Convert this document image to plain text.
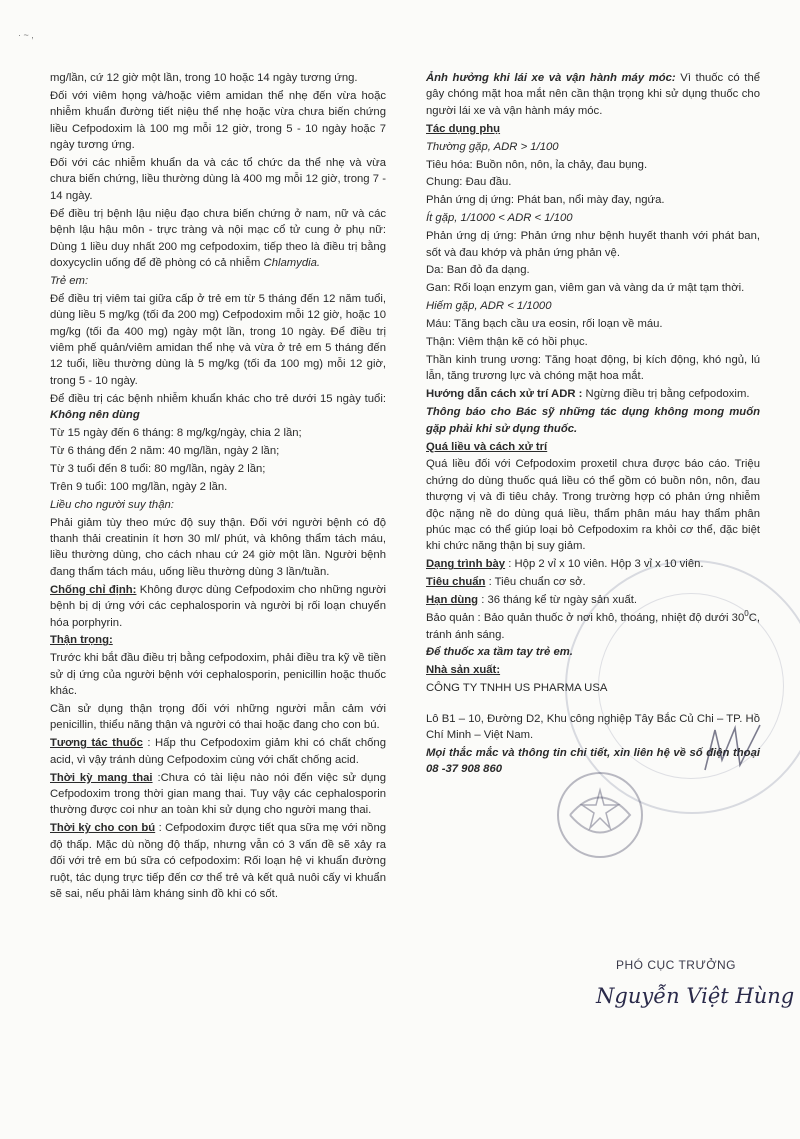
· ~ ,

mg/lần, cứ 12 giờ một lần, trong 10 hoặc 14 ngày tương ứng.

Đối với viêm họng và/hoặc viêm amidan thể nhẹ đến vừa hoặc nhiễm khuẩn đường tiết niệu thể nhẹ hoặc vừa chưa biến chứng liều Cefpodoxim là 100 mg mỗi 12 giờ, trong 5 - 10 ngày hoặc 7 ngày tương ứng.

Đối với các nhiễm khuẩn da và các tổ chức da thể nhẹ và vừa chưa biến chứng, liều thường dùng là 400 mg mỗi 12 giờ, trong 7 - 14 ngày.

Để điều trị bệnh lậu niệu đạo chưa biến chứng ở nam, nữ và các bệnh lậu hậu môn - trực tràng và nội mạc cổ tử cung ở phụ nữ: Dùng 1 liều duy nhất 200 mg cefpodoxim, tiếp theo là điều trị bằng doxycyclin uống để đề phòng có cả nhiễm Chlamydia.

Trẻ em:

Để điều trị viêm tai giữa cấp ở trẻ em từ 5 tháng đến 12 năm tuổi, dùng liều 5 mg/kg (tối đa 200 mg) Cefpodoxim mỗi 12 giờ, hoặc 10 mg/kg (tối đa 400 mg) ngày một lần, trong 10 ngày. Để điều trị viêm phế quản/viêm amidan thể nhẹ và vừa ở trẻ em 5 tháng đến 12 tuổi, liều thường dùng là 5 mg/kg (tối đa 100 mg) mỗi 12 giờ, trong 5 - 10 ngày.

Để điều trị các bệnh nhiễm khuẩn khác cho trẻ dưới 15 ngày tuổi: Không nên dùng

Từ 15 ngày đến 6 tháng: 8 mg/kg/ngày, chia 2 lần;

Từ 6 tháng đến 2 năm: 40 mg/lần, ngày 2 lần;

Từ 3 tuổi đến 8 tuổi: 80 mg/lần, ngày 2 lần;

Trên 9 tuổi: 100 mg/lần, ngày 2 lần.

Liều cho người suy thận:

Phải giảm tùy theo mức độ suy thận. Đối với người bệnh có độ thanh thải creatinin ít hơn 30 ml/ phút, và không thẩm tách máu, liều thường dùng, cho cách nhau cứ 24 giờ một lần. Người bệnh đang thẩm tách máu, uống liều thường dùng 3 lần/tuần.

Chống chỉ định: Không được dùng Cefpodoxim cho những người bệnh bị dị ứng với các cephalosporin và người bị rối loạn chuyển hóa porphyrin.

Thận trọng:

Trước khi bắt đầu điều trị bằng cefpodoxim, phải điều tra kỹ về tiền sử dị ứng của người bệnh với cephalosporin, penicillin hoặc thuốc khác.

Cần sử dụng thận trọng đối với những người mẫn cảm với penicillin, thiểu năng thận và người có thai hoặc đang cho con bú.

Tương tác thuốc : Hấp thu Cefpodoxim giảm khi có chất chống acid, vì vậy tránh dùng Cefpodoxim cùng với chất chống acid.

Thời kỳ mang thai :Chưa có tài liệu nào nói đến việc sử dụng Cefpodoxim trong thời gian mang thai. Tuy vậy các cephalosporin thường được coi như an toàn khi sử dụng cho người mang thai.

Thời kỳ cho con bú : Cefpodoxim được tiết qua sữa mẹ với nồng độ thấp. Mặc dù nồng độ thấp, nhưng vẫn có 3 vấn đề sẽ xảy ra đối với trẻ em bú sữa có cefpodoxim: Rối loạn hệ vi khuẩn đường ruột, tác dụng trực tiếp đến cơ thể trẻ và kết quả nuôi cấy vi khuẩn sẽ sai, nếu phải làm kháng sinh đồ khi có sốt.

Ảnh hưởng khi lái xe và vận hành máy móc: Vì thuốc có thể gây chóng mặt hoa mắt nên cần thận trọng khi sử dụng thuốc cho người lái xe và vận hành máy móc.

Tác dụng phụ

Thường gặp, ADR > 1/100

Tiêu hóa: Buồn nôn, nôn, ỉa chảy, đau bụng.

Chung: Đau đầu.

Phản ứng dị ứng: Phát ban, nổi mày đay, ngứa.

Ít gặp, 1/1000 < ADR < 1/100

Phản ứng dị ứng: Phản ứng như bệnh huyết thanh với phát ban, sốt và đau khớp và phản ứng phản vệ.

Da: Ban đỏ đa dạng.

Gan: Rối loạn enzym gan, viêm gan và vàng da ứ mật tạm thời.

Hiếm gặp, ADR < 1/1000

Máu: Tăng bạch cầu ưa eosin, rối loạn về máu.

Thận: Viêm thận kẽ có hồi phục.

Thần kinh trung ương: Tăng hoạt động, bị kích động, khó ngủ, lú lẫn, tăng trương lực và chóng mặt hoa mắt.

Hướng dẫn cách xử trí ADR : Ngừng điều trị bằng cefpodoxim.

Thông báo cho Bác sỹ những tác dụng không mong muốn gặp phải khi sử dụng thuốc.

Quá liều và cách xử trí

Quá liều đối với Cefpodoxim proxetil chưa được báo cáo. Triệu chứng do dùng thuốc quá liều có thể gồm có buồn nôn, nôn, đau thượng vị và đi tiêu chảy. Trong trường hợp có phản ứng nhiễm độc nặng nề do dùng quá liều, thẩm phân máu hay thẩm phân phúc mạc có thể giúp loại bỏ Cefpodoxim ra khỏi cơ thể, đặc biệt khi chức năng thận bị suy giảm.

Dạng trình bày : Hộp 2 vỉ x 10 viên. Hộp 3 vỉ x 10 viên.

Tiêu chuẩn : Tiêu chuẩn cơ sở.

Hạn dùng : 36 tháng kể từ ngày sản xuất.

Bảo quản : Bảo quản thuốc ở nơi khô, thoáng, nhiệt độ dưới $30^0C$, tránh ánh sáng.

Để thuốc xa tầm tay trẻ em.

Nhà sản xuất:

CÔNG TY TNHH US PHARMA USA

Lô B1 – 10, Đường D2, Khu công nghiệp Tây Bắc Củ Chi – TP. Hồ Chí Minh – Việt Nam.

Mọi thắc mắc và thông tin chi tiết, xin liên hệ về số điện thoại 08 -37 908 860

PHÓ CỤC TRƯỞNG
Nguyễn Việt Hùng
